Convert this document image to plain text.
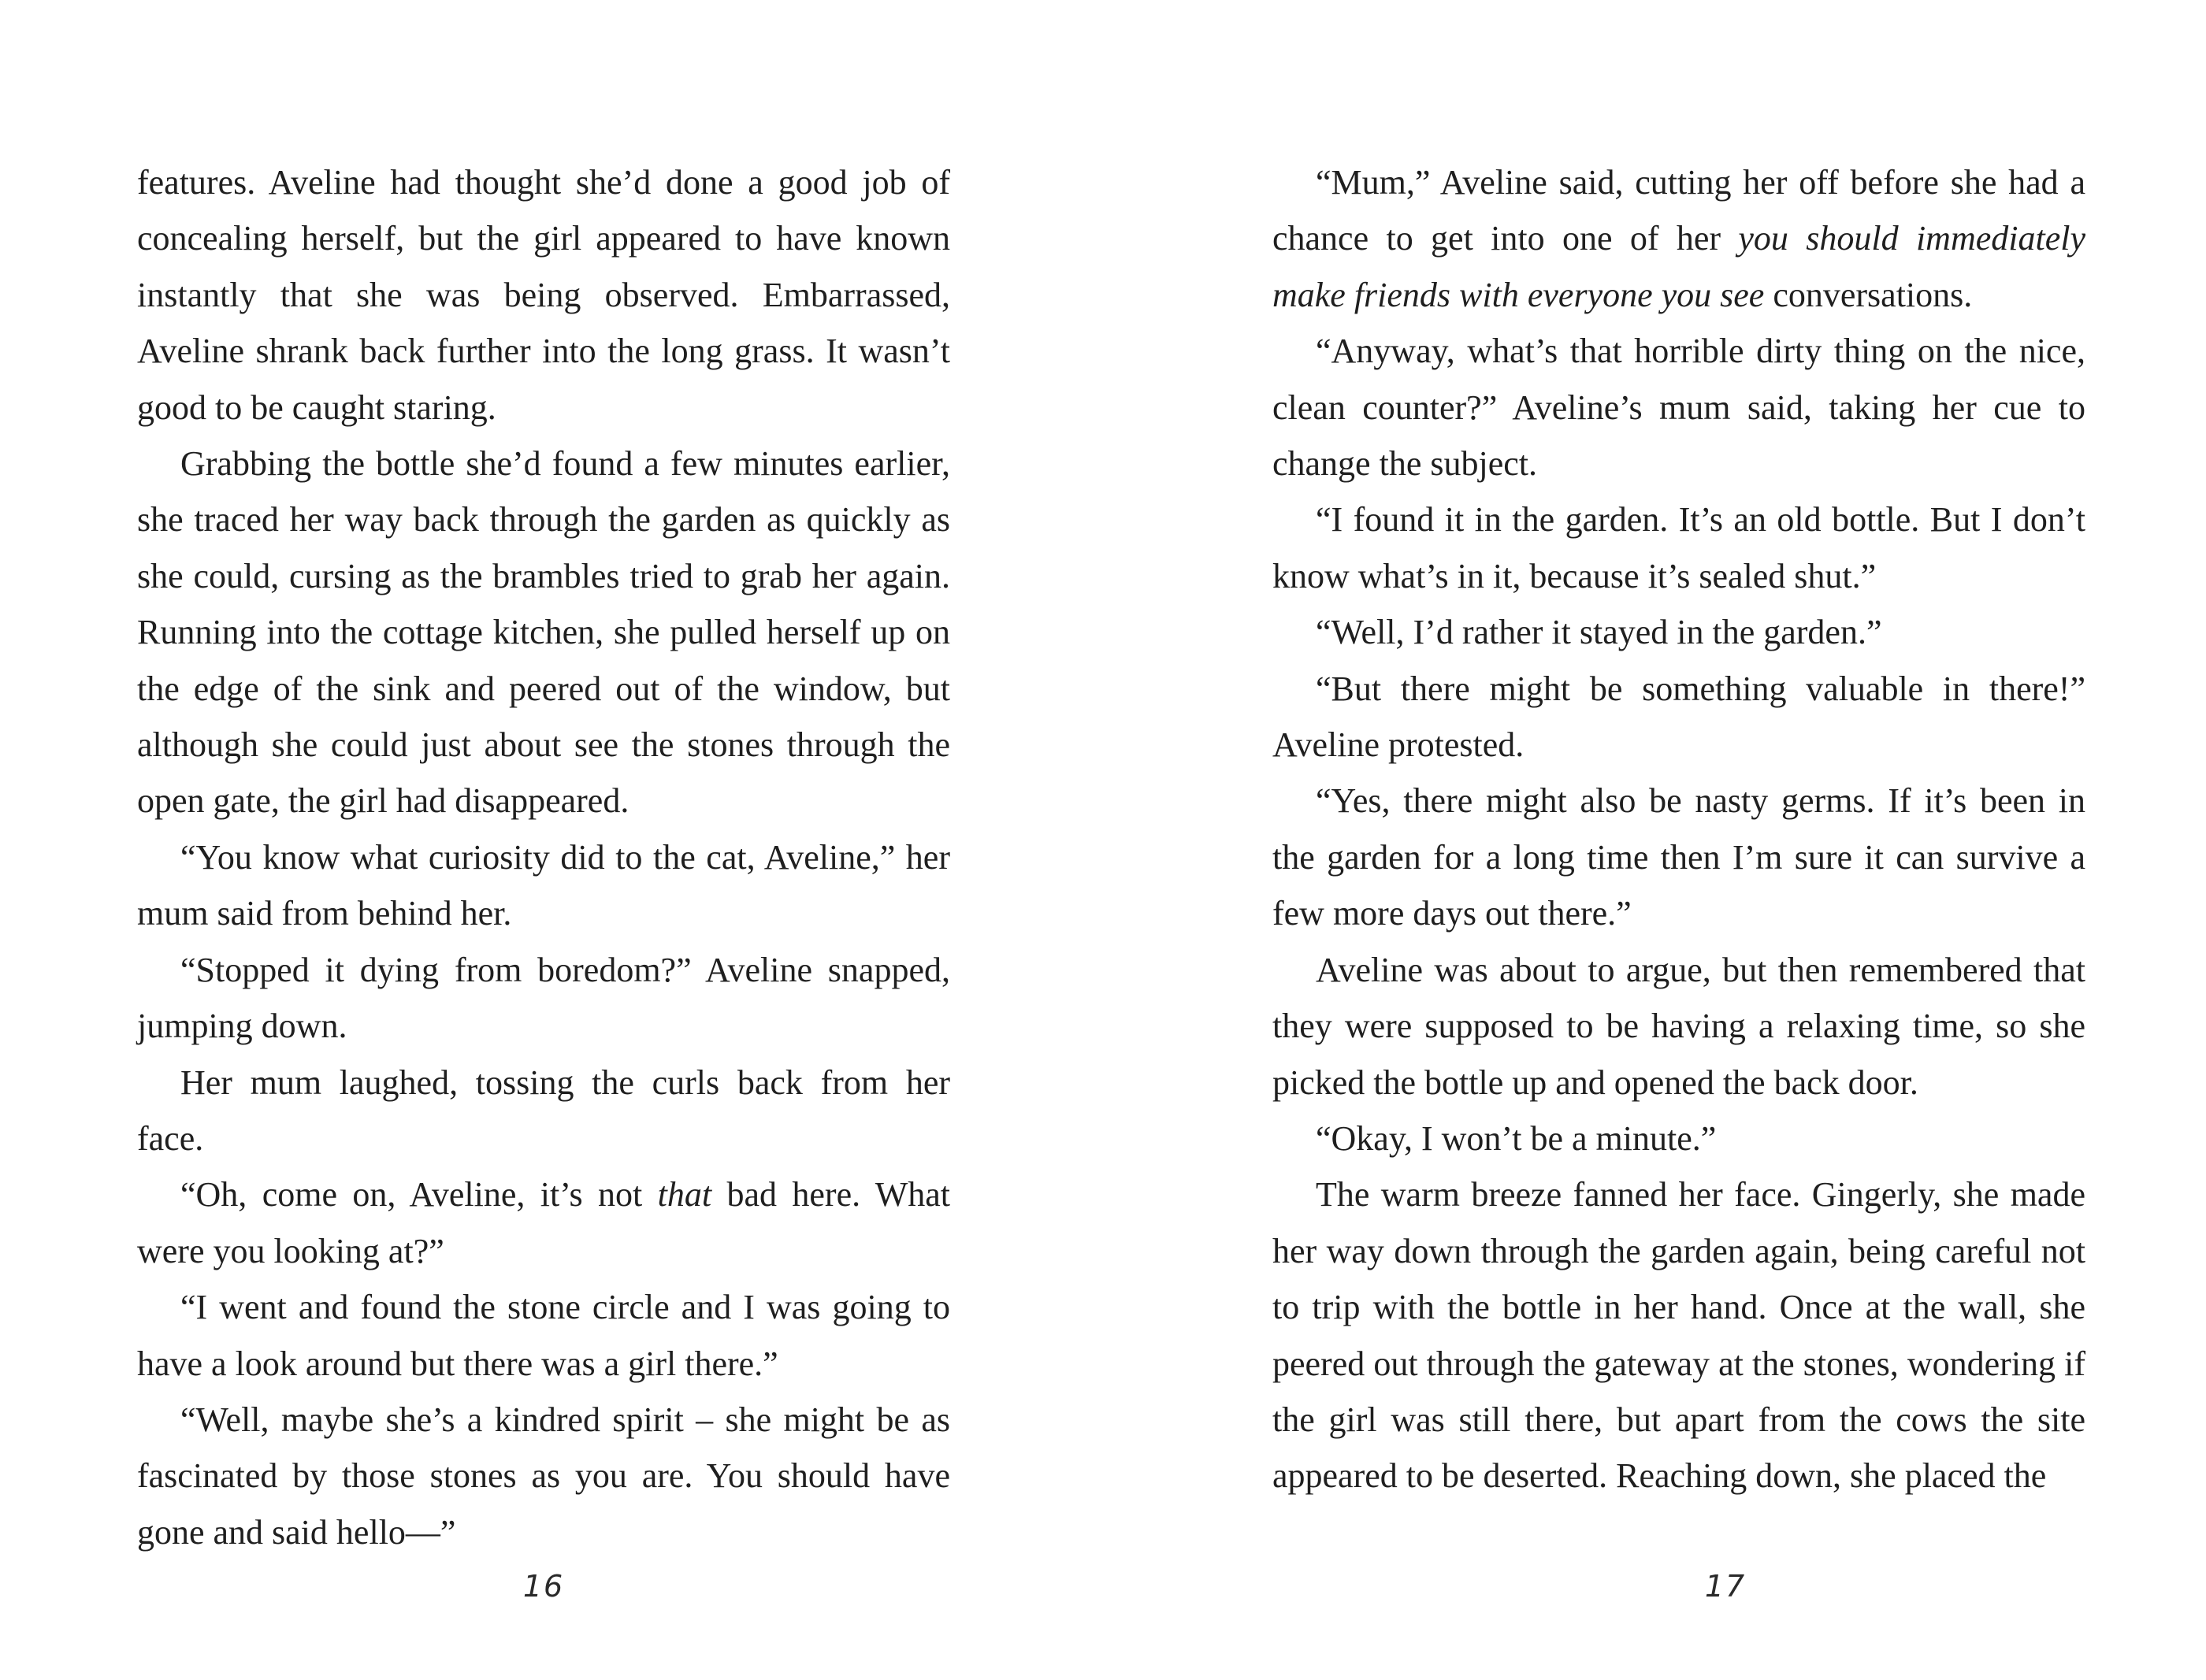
features. Aveline had thought she’d done a good job of concealing herself, but the girl appeared to have known instantly that she was being observed. Embarrassed, Aveline shrank back further into the long grass. It wasn’t good to be caught staring.

Grabbing the bottle she’d found a few minutes earlier, she traced her way back through the garden as quickly as she could, cursing as the brambles tried to grab her again. Running into the cottage kitchen, she pulled herself up on the edge of the sink and peered out of the window, but although she could just about see the stones through the open gate, the girl had disappeared.

“You know what curiosity did to the cat, Aveline,” her mum said from behind her.

“Stopped it dying from boredom?” Aveline snapped, jumping down.

Her mum laughed, tossing the curls back from her face.

“Oh, come on, Aveline, it’s not that bad here. What were you looking at?”

“I went and found the stone circle and I was going to have a look around but there was a girl there.”

“Well, maybe she’s a kindred spirit – she might be as fascinated by those stones as you are. You should have gone and said hello—”

16

“Mum,” Aveline said, cutting her off before she had a chance to get into one of her you should immediately make friends with everyone you see conversations.

“Anyway, what’s that horrible dirty thing on the nice, clean counter?” Aveline’s mum said, taking her cue to change the subject.

“I found it in the garden. It’s an old bottle. But I don’t know what’s in it, because it’s sealed shut.”

“Well, I’d rather it stayed in the garden.”

“But there might be something valuable in there!” Aveline protested.

“Yes, there might also be nasty germs. If it’s been in the garden for a long time then I’m sure it can survive a few more days out there.”

Aveline was about to argue, but then remembered that they were supposed to be having a relaxing time, so she picked the bottle up and opened the back door.

“Okay, I won’t be a minute.”

The warm breeze fanned her face. Gingerly, she made her way down through the garden again, being careful not to trip with the bottle in her hand. Once at the wall, she peered out through the gateway at the stones, wondering if the girl was still there, but apart from the cows the site appeared to be deserted. Reaching down, she placed the

17
